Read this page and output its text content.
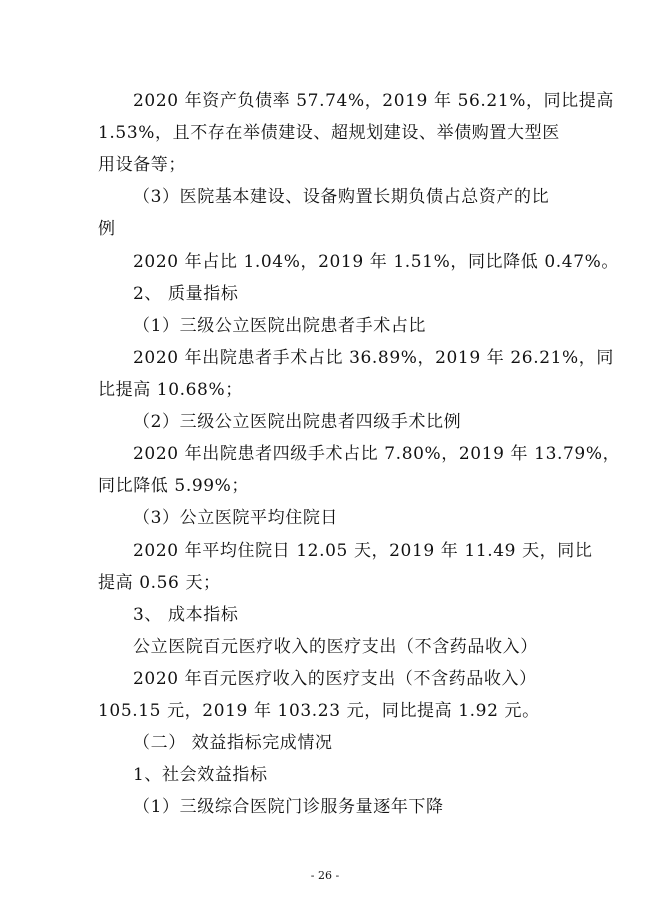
2020 年资产负债率 57.74%，2019 年 56.21%，同比提高

1.53%，且不存在举债建设、超规划建设、举债购置大型医

用设备等；

（3）医院基本建设、设备购置长期负债占总资产的比

例

2020 年占比 1.04%，2019 年 1.51%，同比降低 0.47%。

2、 质量指标

（1）三级公立医院出院患者手术占比

2020 年出院患者手术占比 36.89%，2019 年 26.21%，同

比提高 10.68%；

（2）三级公立医院出院患者四级手术比例

2020 年出院患者四级手术占比 7.80%，2019 年 13.79%，

同比降低 5.99%；

（3）公立医院平均住院日

2020 年平均住院日 12.05 天，2019 年 11.49 天，同比

提高 0.56 天；

3、 成本指标

公立医院百元医疗收入的医疗支出（不含药品收入）

2020 年百元医疗收入的医疗支出（不含药品收入）

105.15 元，2019 年 103.23 元，同比提高 1.92 元。

（二） 效益指标完成情况

1、社会效益指标

（1）三级综合医院门诊服务量逐年下降

- 26 -
